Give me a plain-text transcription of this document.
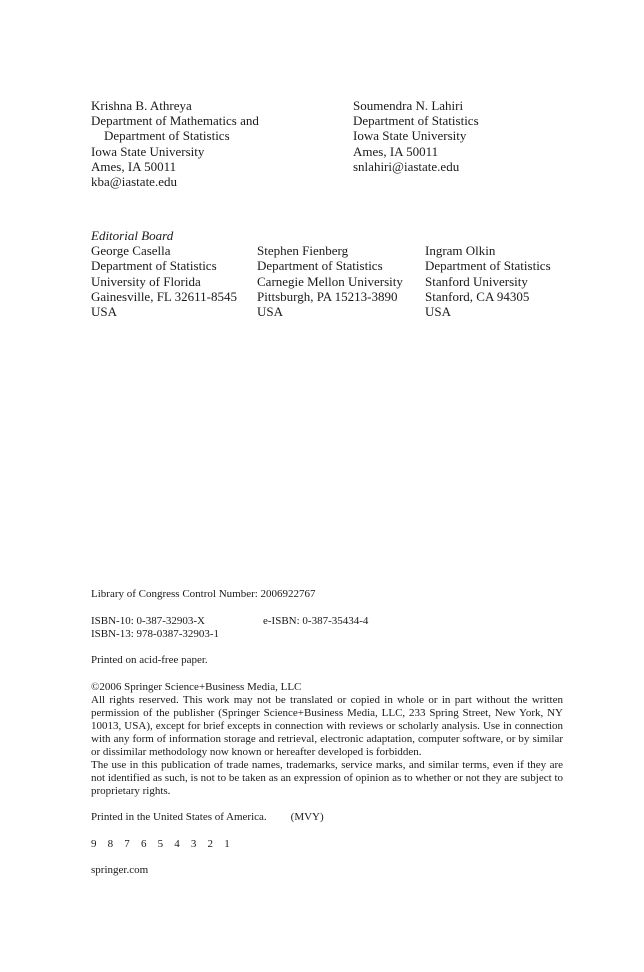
Krishna B. Athreya
Department of Mathematics and
Department of Statistics
Iowa State University
Ames, IA 50011
kba@iastate.edu
Soumendra N. Lahiri
Department of Statistics
Iowa State University
Ames, IA 50011
snlahiri@iastate.edu
Editorial Board
George Casella
Department of Statistics
University of Florida
Gainesville, FL 32611-8545
USA
Stephen Fienberg
Department of Statistics
Carnegie Mellon University
Pittsburgh, PA 15213-3890
USA
Ingram Olkin
Department of Statistics
Stanford University
Stanford, CA 94305
USA

Library of Congress Control Number: 2006922767

ISBN-10: 0-387-32903-X	e-ISBN: 0-387-35434-4
ISBN-13: 978-0387-32903-1

Printed on acid-free paper.

©2006 Springer Science+Business Media, LLC
All rights reserved. This work may not be translated or copied in whole or in part without the written permission of the publisher (Springer Science+Business Media, LLC, 233 Spring Street, New York, NY 10013, USA), except for brief excepts in connection with reviews or scholarly analysis. Use in connection with any form of information storage and retrieval, electronic adaptation, computer software, or by similar or dissimilar methodology now known or hereafter developed is forbidden.
The use in this publication of trade names, trademarks, service marks, and similar terms, even if they are not identified as such, is not to be taken as an expression of opinion as to whether or not they are subject to proprietary rights.

Printed in the United States of America. (MVY)

9 8 7 6 5 4 3 2 1

springer.com
